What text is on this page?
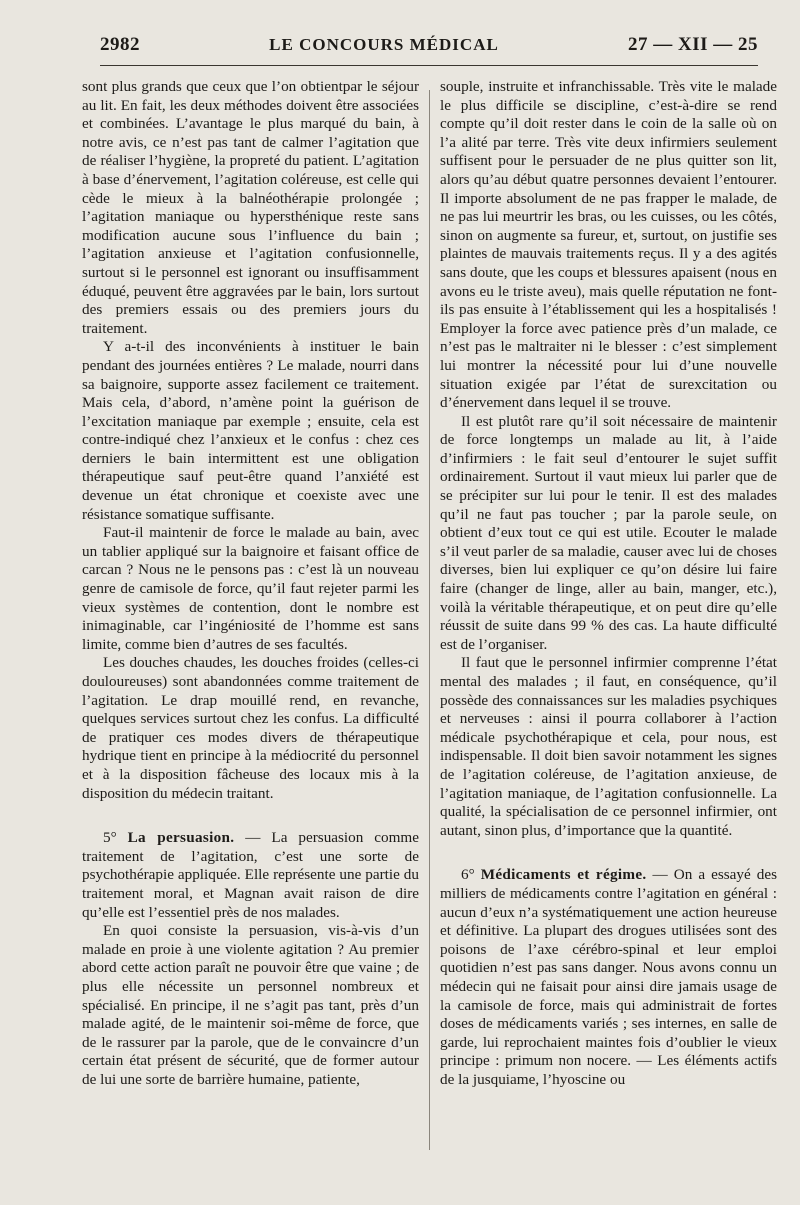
2982	LE CONCOURS MÉDICAL	27 — XII — 25

sont plus grands que ceux que l’on obtientpar le séjour au lit. En fait, les deux méthodes doivent être associées et combinées. L’avantage le plus marqué du bain, à notre avis, ce n’est pas tant de calmer l’agitation que de réaliser l’hygiène, la propreté du patient. L’agitation à base d’énervement, l’agitation coléreuse, est celle qui cède le mieux à la balnéothérapie prolongée ; l’agitation maniaque ou hypersthénique reste sans modification aucune sous l’influence du bain ; l’agitation anxieuse et l’agitation confusionnelle, surtout si le personnel est ignorant ou insuffisamment éduqué, peuvent être aggravées par le bain, lors surtout des premiers essais ou des premiers jours du traitement.

Y a-t-il des inconvénients à instituer le bain pendant des journées entières ? Le malade, nourri dans sa baignoire, supporte assez facilement ce traitement. Mais cela, d’abord, n’amène point la guérison de l’excitation maniaque par exemple ; ensuite, cela est contre-indiqué chez l’anxieux et le confus : chez ces derniers le bain intermittent est une obligation thérapeutique sauf peut-être quand l’anxiété est devenue un état chronique et coexiste avec une résistance somatique suffisante.

Faut-il maintenir de force le malade au bain, avec un tablier appliqué sur la baignoire et faisant office de carcan ? Nous ne le pensons pas : c’est là un nouveau genre de camisole de force, qu’il faut rejeter parmi les vieux systèmes de contention, dont le nombre est inimaginable, car l’ingéniosité de l’homme est sans limite, comme bien d’autres de ses facultés.

Les douches chaudes, les douches froides (celles-ci douloureuses) sont abandonnées comme traitement de l’agitation. Le drap mouillé rend, en revanche, quelques services surtout chez les confus. La difficulté de pratiquer ces modes divers de thérapeutique hydrique tient en principe à la médiocrité du personnel et à la disposition fâcheuse des locaux mis à la disposition du médecin traitant.

5° La persuasion. — La persuasion comme traitement de l’agitation, c’est une sorte de psychothérapie appliquée. Elle représente une partie du traitement moral, et Magnan avait raison de dire qu’elle est l’essentiel près de nos malades.

En quoi consiste la persuasion, vis-à-vis d’un malade en proie à une violente agitation ? Au premier abord cette action paraît ne pouvoir être que vaine ; de plus elle nécessite un personnel nombreux et spécialisé. En principe, il ne s’agit pas tant, près d’un malade agité, de le maintenir soi-même de force, que de le rassurer par la parole, que de le convaincre d’un certain état présent de sécurité, que de former autour de lui une sorte de barrière humaine, patiente,

souple, instruite et infranchissable. Très vite le malade le plus difficile se discipline, c’est-à-dire se rend compte qu’il doit rester dans le coin de la salle où on l’a alité par terre. Très vite deux infirmiers seulement suffisent pour le persuader de ne plus quitter son lit, alors qu’au début quatre personnes devaient l’entourer. Il importe absolument de ne pas frapper le malade, de ne pas lui meurtrir les bras, ou les cuisses, ou les côtés, sinon on augmente sa fureur, et, surtout, on justifie ses plaintes de mauvais traitements reçus. Il y a des agités sans doute, que les coups et blessures apaisent (nous en avons eu le triste aveu), mais quelle réputation ne font-ils pas ensuite à l’établissement qui les a hospitalisés ! Employer la force avec patience près d’un malade, ce n’est pas le maltraiter ni le blesser : c’est simplement lui montrer la nécessité pour lui d’une nouvelle situation exigée par l’état de surexcitation ou d’énervement dans lequel il se trouve.

Il est plutôt rare qu’il soit nécessaire de maintenir de force longtemps un malade au lit, à l’aide d’infirmiers : le fait seul d’entourer le sujet suffit ordinairement. Surtout il vaut mieux lui parler que de se précipiter sur lui pour le tenir. Il est des malades qu’il ne faut pas toucher ; par la parole seule, on obtient d’eux tout ce qui est utile. Ecouter le malade s’il veut parler de sa maladie, causer avec lui de choses diverses, bien lui expliquer ce qu’on désire lui faire faire (changer de linge, aller au bain, manger, etc.), voilà la véritable thérapeutique, et on peut dire qu’elle réussit de suite dans 99 % des cas. La haute difficulté est de l’organiser.

Il faut que le personnel infirmier comprenne l’état mental des malades ; il faut, en conséquence, qu’il possède des connaissances sur les maladies psychiques et nerveuses : ainsi il pourra collaborer à l’action médicale psychothérapique et cela, pour nous, est indispensable. Il doit bien savoir notamment les signes de l’agitation coléreuse, de l’agitation anxieuse, de l’agitation maniaque, de l’agitation confusionnelle. La qualité, la spécialisation de ce personnel infirmier, ont autant, sinon plus, d’importance que la quantité.

6° Médicaments et régime. — On a essayé des milliers de médicaments contre l’agitation en général : aucun d’eux n’a systématiquement une action heureuse et définitive. La plupart des drogues utilisées sont des poisons de l’axe cérébro-spinal et leur emploi quotidien n’est pas sans danger. Nous avons connu un médecin qui ne faisait pour ainsi dire jamais usage de la camisole de force, mais qui administrait de fortes doses de médicaments variés ; ses internes, en salle de garde, lui reprochaient maintes fois d’oublier le vieux principe : primum non nocere. — Les éléments actifs de la jusquiame, l’hyoscine ou
